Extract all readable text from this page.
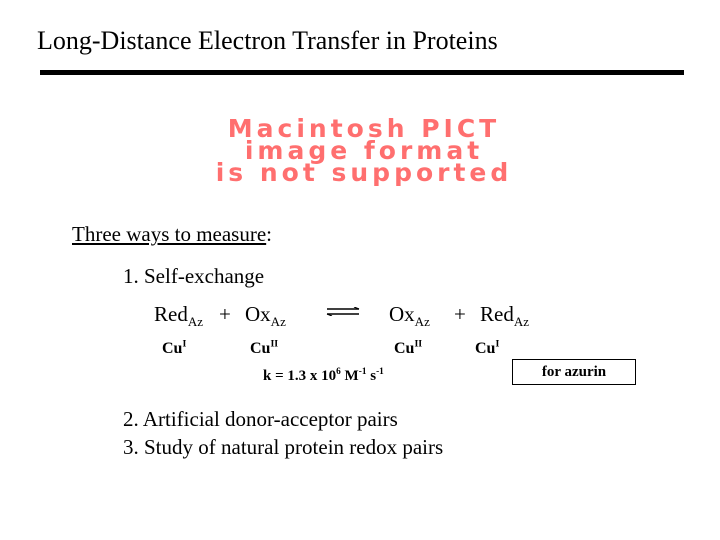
Long-Distance Electron Transfer in Proteins
Macintosh PICT
image format
is not supported
Three ways to measure:
1. Self-exchange
$Red_{Az} + Ox_{Az}$	$Ox_{Az} + Red_{Az}$
$Cu^I$	$Cu^{II}$	$Cu^{II}$	$Cu^I$
k = 1.3 x $10^6$ $M^{-1}$ $s^{-1}$	for azurin
2. Artificial donor-acceptor pairs
3. Study of natural protein redox pairs
